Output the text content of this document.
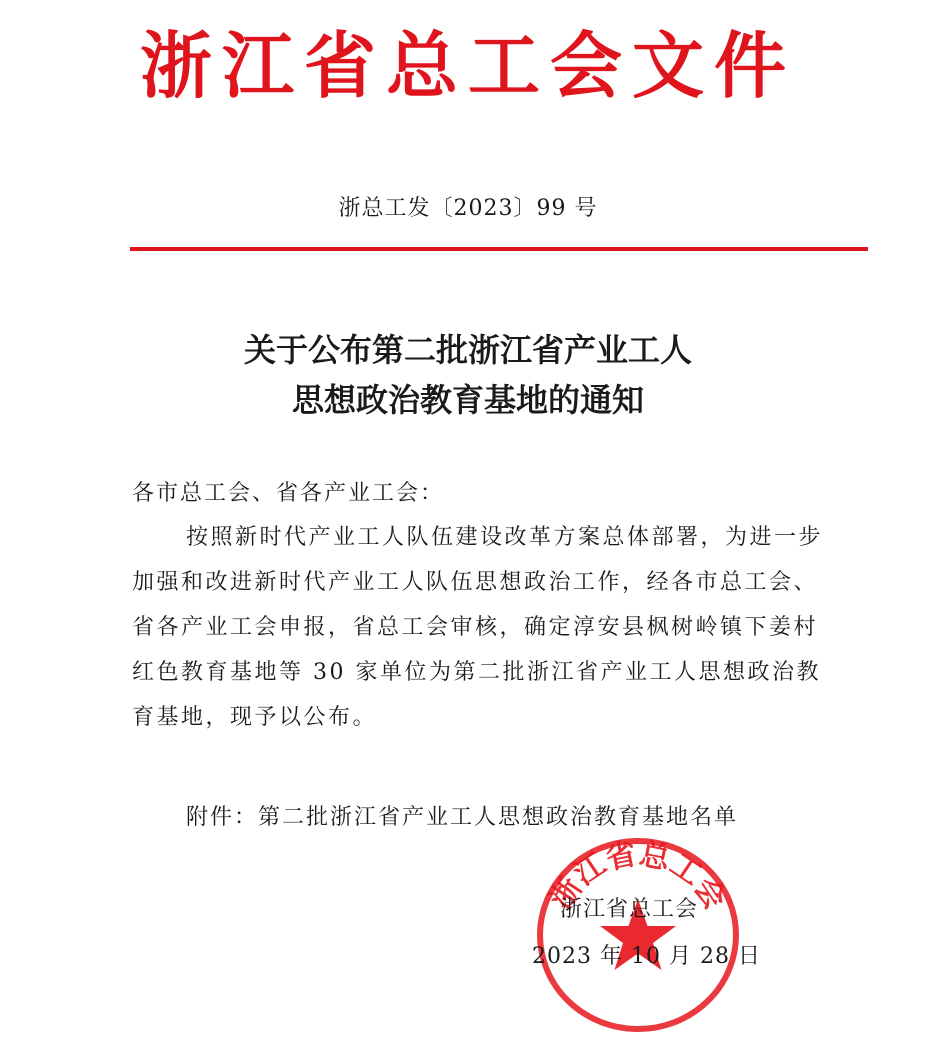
浙江省总工会文件
浙总工发〔2023〕99 号
关于公布第二批浙江省产业工人
思想政治教育基地的通知
各市总工会、省各产业工会：
按照新时代产业工人队伍建设改革方案总体部署，为进一步
加强和改进新时代产业工人队伍思想政治工作，经各市总工会、
省各产业工会申报，省总工会审核，确定淳安县枫树岭镇下姜村
红色教育基地等 30 家单位为第二批浙江省产业工人思想政治教
育基地，现予以公布。
附件：第二批浙江省产业工人思想政治教育基地名单
浙江省总工会
浙江省总工会
2023 年 10 月 28 日
